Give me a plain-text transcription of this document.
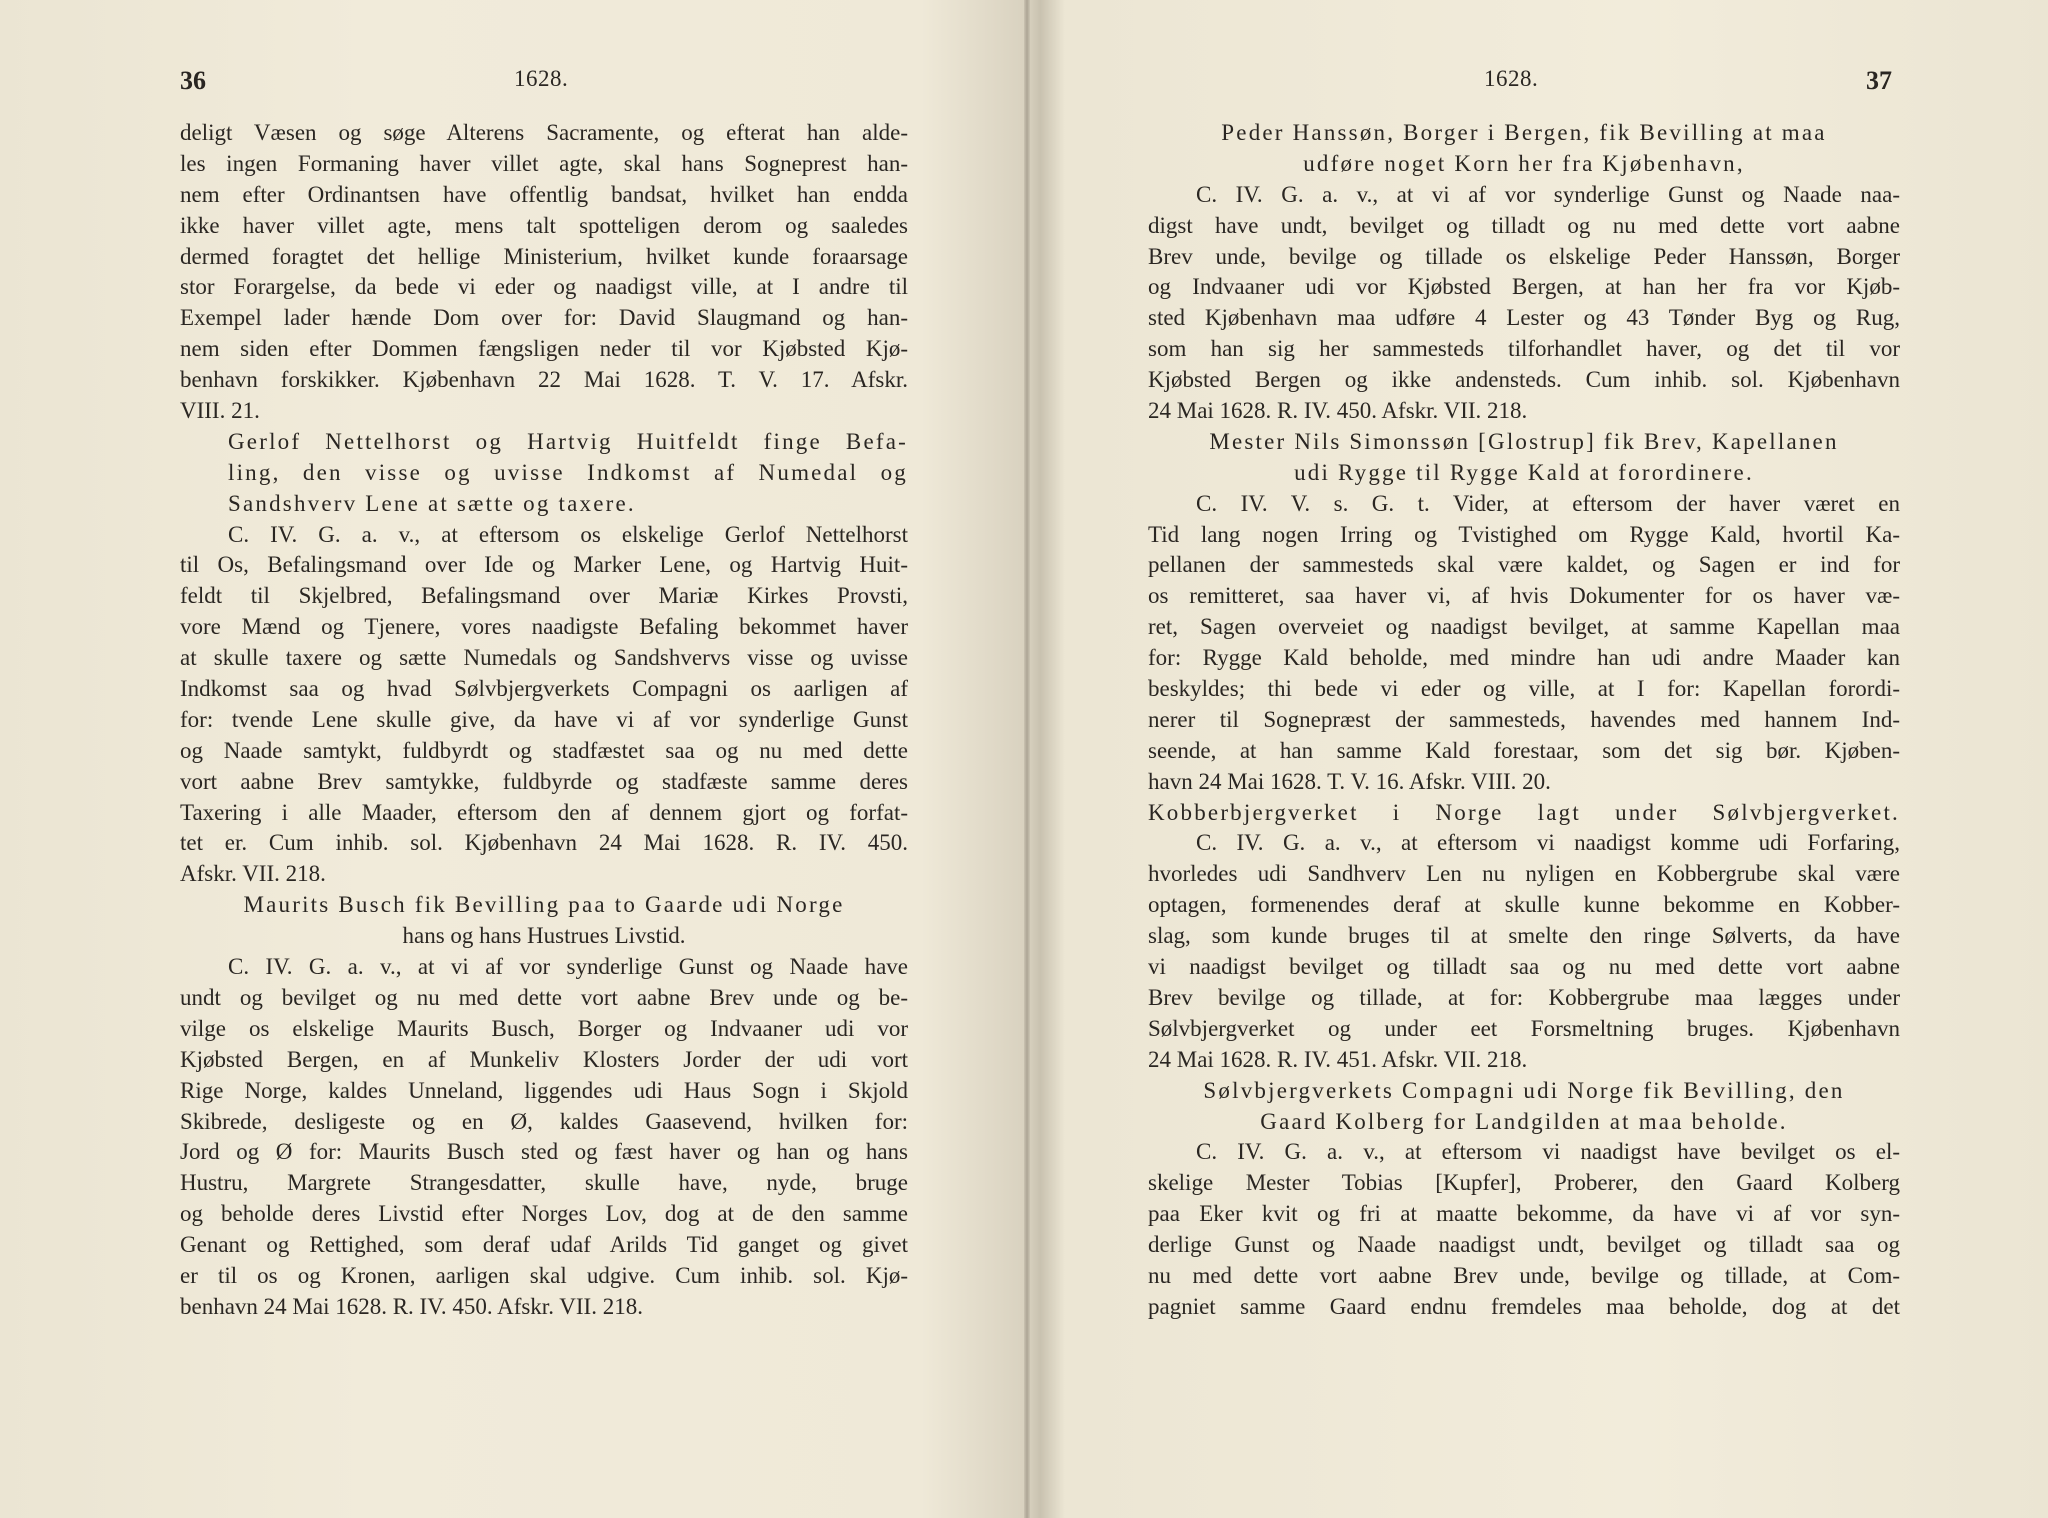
36	1628.
deligt Væsen og søge Alterens Sacramente, og efterat han alde-
les ingen Formaning haver villet agte, skal hans Sogneprest han-
nem efter Ordinantsen have offentlig bandsat, hvilket han endda
ikke haver villet agte, mens talt spotteligen derom og saaledes
dermed foragtet det hellige Ministerium, hvilket kunde foraarsage
stor Forargelse, da bede vi eder og naadigst ville, at I andre til
Exempel lader hænde Dom over for: David Slaugmand og han-
nem siden efter Dommen fængsligen neder til vor Kjøbsted Kjø-
benhavn forskikker. Kjøbenhavn 22 Mai 1628. T. V. 17. Afskr.
VIII. 21.
Gerlof Nettelhorst og Hartvig Huitfeldt finge Befa-
ling, den visse og uvisse Indkomst af Numedal og
Sandshverv Lene at sætte og taxere.
C. IV. G. a. v., at eftersom os elskelige Gerlof Nettelhorst
til Os, Befalingsmand over Ide og Marker Lene, og Hartvig Huit-
feldt til Skjelbred, Befalingsmand over Mariæ Kirkes Provsti,
vore Mænd og Tjenere, vores naadigste Befaling bekommet haver
at skulle taxere og sætte Numedals og Sandshvervs visse og uvisse
Indkomst saa og hvad Sølvbjergverkets Compagni os aarligen af
for: tvende Lene skulle give, da have vi af vor synderlige Gunst
og Naade samtykt, fuldbyrdt og stadfæstet saa og nu med dette
vort aabne Brev samtykke, fuldbyrde og stadfæste samme deres
Taxering i alle Maader, eftersom den af dennem gjort og forfat-
tet er. Cum inhib. sol. Kjøbenhavn 24 Mai 1628. R. IV. 450.
Afskr. VII. 218.
Maurits Busch fik Bevilling paa to Gaarde udi Norge
hans og hans Hustrues Livstid.
C. IV. G. a. v., at vi af vor synderlige Gunst og Naade have
undt og bevilget og nu med dette vort aabne Brev unde og be-
vilge os elskelige Maurits Busch, Borger og Indvaaner udi vor
Kjøbsted Bergen, en af Munkeliv Klosters Jorder der udi vort
Rige Norge, kaldes Unneland, liggendes udi Haus Sogn i Skjold
Skibrede, desligeste og en Ø, kaldes Gaasevend, hvilken for:
Jord og Ø for: Maurits Busch sted og fæst haver og han og hans
Hustru, Margrete Strangesdatter, skulle have, nyde, bruge
og beholde deres Livstid efter Norges Lov, dog at de den samme
Genant og Rettighed, som deraf udaf Arilds Tid ganget og givet
er til os og Kronen, aarligen skal udgive. Cum inhib. sol. Kjø-
benhavn 24 Mai 1628. R. IV. 450. Afskr. VII. 218.
1628.	37
Peder Hanssøn, Borger i Bergen, fik Bevilling at maa
udføre noget Korn her fra Kjøbenhavn,
C. IV. G. a. v., at vi af vor synderlige Gunst og Naade naa-
digst have undt, bevilget og tilladt og nu med dette vort aabne
Brev unde, bevilge og tillade os elskelige Peder Hanssøn, Borger
og Indvaaner udi vor Kjøbsted Bergen, at han her fra vor Kjøb-
sted Kjøbenhavn maa udføre 4 Lester og 43 Tønder Byg og Rug,
som han sig her sammesteds tilforhandlet haver, og det til vor
Kjøbsted Bergen og ikke andensteds. Cum inhib. sol. Kjøbenhavn
24 Mai 1628. R. IV. 450. Afskr. VII. 218.
Mester Nils Simonssøn [Glostrup] fik Brev, Kapellanen
udi Rygge til Rygge Kald at forordinere.
C. IV. V. s. G. t. Vider, at eftersom der haver været en
Tid lang nogen Irring og Tvistighed om Rygge Kald, hvortil Ka-
pellanen der sammesteds skal være kaldet, og Sagen er ind for
os remitteret, saa haver vi, af hvis Dokumenter for os haver væ-
ret, Sagen overveiet og naadigst bevilget, at samme Kapellan maa
for: Rygge Kald beholde, med mindre han udi andre Maader kan
beskyldes; thi bede vi eder og ville, at I for: Kapellan forordi-
nerer til Sognepræst der sammesteds, havendes med hannem Ind-
seende, at han samme Kald forestaar, som det sig bør. Kjøben-
havn 24 Mai 1628. T. V. 16. Afskr. VIII. 20.
Kobberbjergverket i Norge lagt under Sølvbjergverket.
C. IV. G. a. v., at eftersom vi naadigst komme udi Forfaring,
hvorledes udi Sandhverv Len nu nyligen en Kobbergrube skal være
optagen, formenendes deraf at skulle kunne bekomme en Kobber-
slag, som kunde bruges til at smelte den ringe Sølverts, da have
vi naadigst bevilget og tilladt saa og nu med dette vort aabne
Brev bevilge og tillade, at for: Kobbergrube maa lægges under
Sølvbjergverket og under eet Forsmeltning bruges. Kjøbenhavn
24 Mai 1628. R. IV. 451. Afskr. VII. 218.
Sølvbjergverkets Compagni udi Norge fik Bevilling, den
Gaard Kolberg for Landgilden at maa beholde.
C. IV. G. a. v., at eftersom vi naadigst have bevilget os el-
skelige Mester Tobias [Kupfer], Proberer, den Gaard Kolberg
paa Eker kvit og fri at maatte bekomme, da have vi af vor syn-
derlige Gunst og Naade naadigst undt, bevilget og tilladt saa og
nu med dette vort aabne Brev unde, bevilge og tillade, at Com-
pagniet samme Gaard endnu fremdeles maa beholde, dog at det
